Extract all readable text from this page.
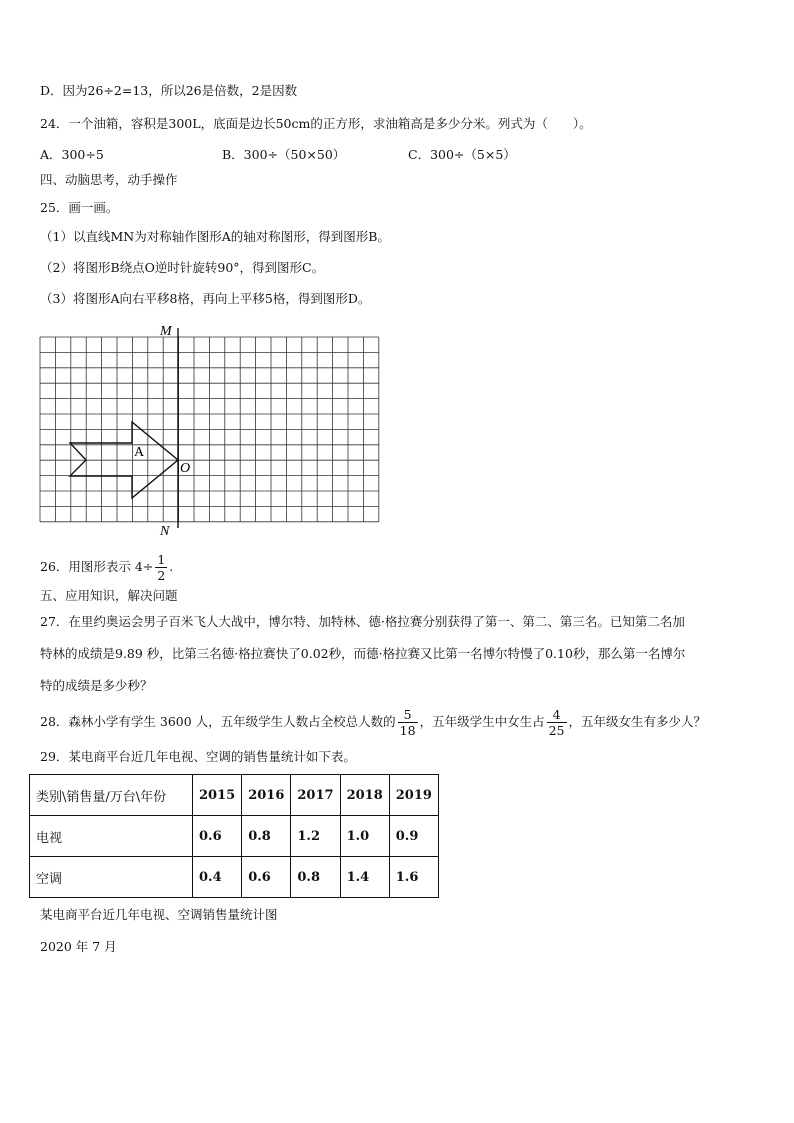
D．因为26÷2=13，所以26是倍数，2是因数
24．一个油箱，容积是300L，底面是边长50cm的正方形，求油箱高是多少分米。列式为（　　）。
A．300÷5	B．300÷（50×50）	C．300÷（5×5）
四、动脑思考，动手操作
25．画一画。
（1）以直线MN为对称轴作图形A的轴对称图形，得到图形B。
（2）将图形B绕点O逆时针旋转90°，得到图形C。
（3）将图形A向右平移8格，再向上平移5格，得到图形D。
M
N
A
O
26．用图形表示 $4\div \frac{1}{2}$ .
五、应用知识，解决问题
27．在里约奥运会男子百米飞人大战中，博尔特、加特林、德·格拉赛分别获得了第一、第二、第三名。已知第二名加
特林的成绩是9.89 秒，比第三名德·格拉赛快了0.02秒，而德·格拉赛又比第一名博尔特慢了0.10秒，那么第一名博尔
特的成绩是多少秒？
28．森林小学有学生 3600 人，五年级学生人数占全校总人数的 $\frac{5}{18}$ ，五年级学生中女生占 $\frac{4}{25}$ ，五年级女生有多少人？
29．某电商平台近几年电视、空调的销售量统计如下表。
类别\销售量/万台\年份	2015	2016	2017	2018	2019
电视	0.6	0.8	1.2	1.0	0.9
空调	0.4	0.6	0.8	1.4	1.6
某电商平台近几年电视、空调销售量统计图
2020 年 7 月
